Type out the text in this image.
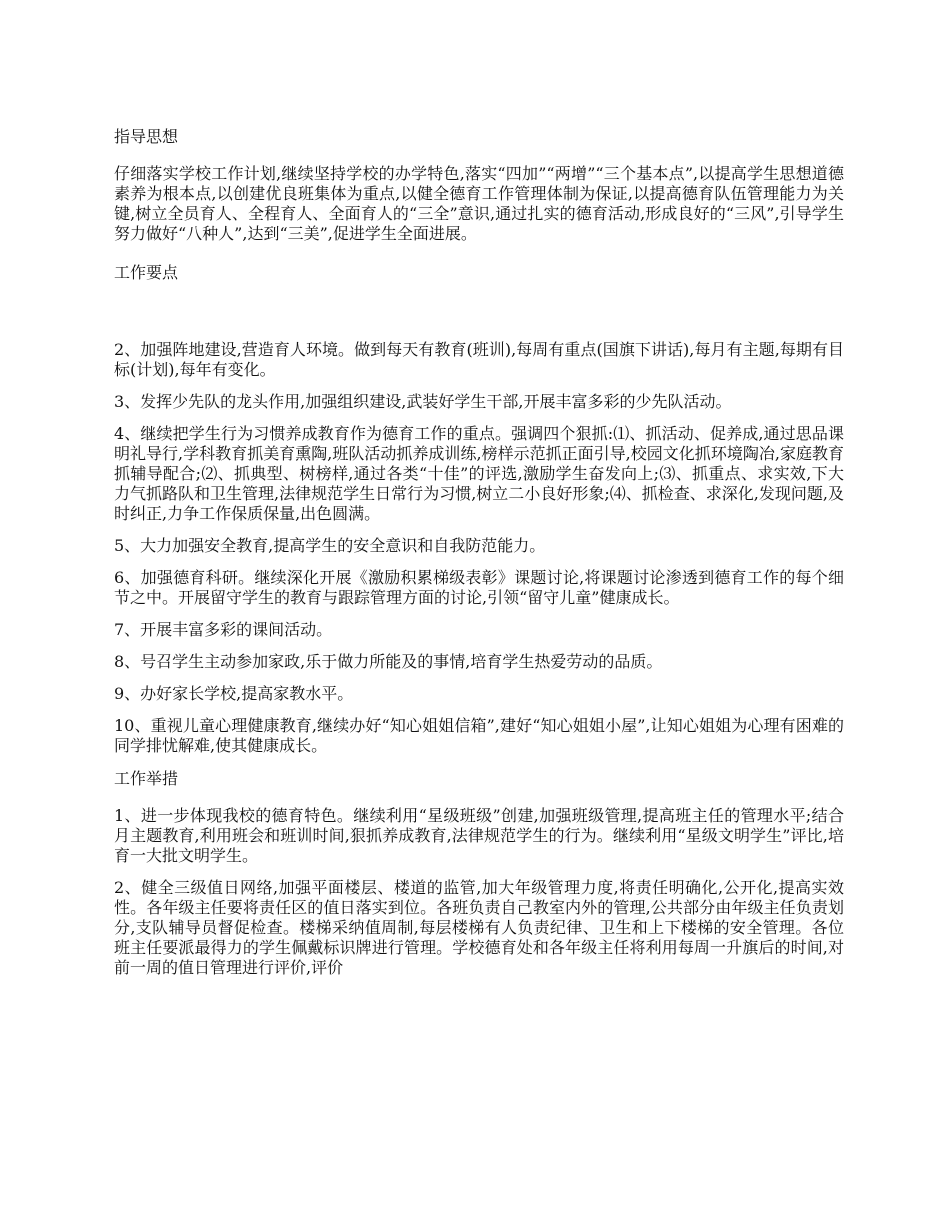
指导思想

仔细落实学校工作计划,继续坚持学校的办学特色,落实“四加”“两增”“三个基本点”,以提高学生思想道德素养为根本点,以创建优良班集体为重点,以健全德育工作管理体制为保证,以提高德育队伍管理能力为关键,树立全员育人、全程育人、全面育人的“三全”意识,通过扎实的德育活动,形成良好的“三风”,引导学生努力做好“八种人”,达到“三美”,促进学生全面进展。

工作要点

2、加强阵地建设,营造育人环境。做到每天有教育(班训),每周有重点(国旗下讲话),每月有主题,每期有目标(计划),每年有变化。

3、发挥少先队的龙头作用,加强组织建设,武装好学生干部,开展丰富多彩的少先队活动。

4、继续把学生行为习惯养成教育作为德育工作的重点。强调四个狠抓:⑴、抓活动、促养成,通过思品课明礼导行,学科教育抓美育熏陶,班队活动抓养成训练,榜样示范抓正面引导,校园文化抓环境陶冶,家庭教育抓辅导配合;⑵、抓典型、树榜样,通过各类“十佳”的评选,激励学生奋发向上;⑶、抓重点、求实效,下大力气抓路队和卫生管理,法律规范学生日常行为习惯,树立二小良好形象;⑷、抓检查、求深化,发现问题,及时纠正,力争工作保质保量,出色圆满。

5、大力加强安全教育,提高学生的安全意识和自我防范能力。

6、加强德育科研。继续深化开展《激励积累梯级表彰》课题讨论,将课题讨论渗透到德育工作的每个细节之中。开展留守学生的教育与跟踪管理方面的讨论,引领“留守儿童”健康成长。

7、开展丰富多彩的课间活动。

8、号召学生主动参加家政,乐于做力所能及的事情,培育学生热爱劳动的品质。

9、办好家长学校,提高家教水平。

10、重视儿童心理健康教育,继续办好“知心姐姐信箱”,建好“知心姐姐小屋”,让知心姐姐为心理有困难的同学排忧解难,使其健康成长。

工作举措

1、进一步体现我校的德育特色。继续利用“星级班级”创建,加强班级管理,提高班主任的管理水平;结合月主题教育,利用班会和班训时间,狠抓养成教育,法律规范学生的行为。继续利用“星级文明学生”评比,培育一大批文明学生。

2、健全三级值日网络,加强平面楼层、楼道的监管,加大年级管理力度,将责任明确化,公开化,提高实效性。各年级主任要将责任区的值日落实到位。各班负责自己教室内外的管理,公共部分由年级主任负责划分,支队辅导员督促检查。楼梯采纳值周制,每层楼梯有人负责纪律、卫生和上下楼梯的安全管理。各位班主任要派最得力的学生佩戴标识牌进行管理。学校德育处和各年级主任将利用每周一升旗后的时间,对前一周的值日管理进行评价,评价
